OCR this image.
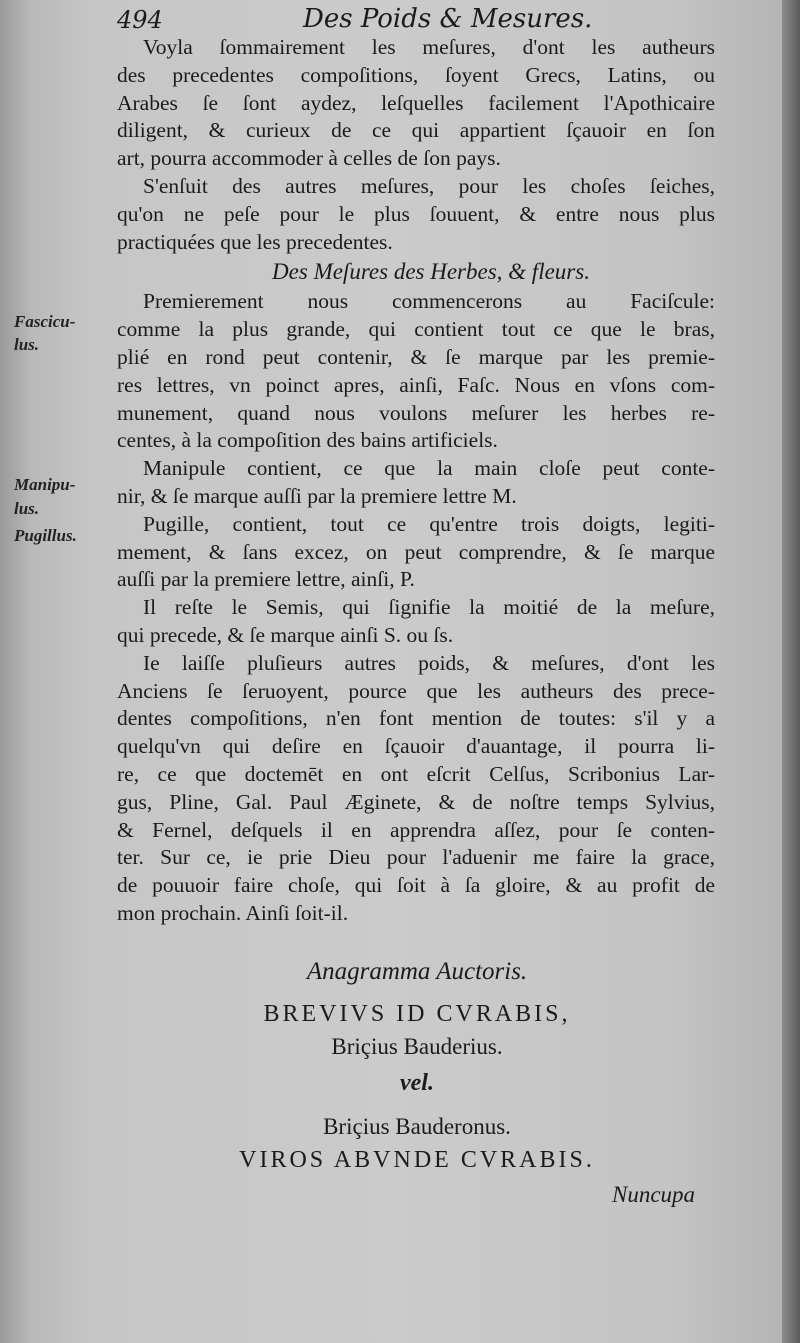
494	Des Poids & Mesures.
Fascicu-
lus.
Manipu-
lus.
Pugillus.
Voyla ſommairement les meſures, d'ont les autheurs
des precedentes compoſitions, ſoyent Grecs, Latins, ou
Arabes ſe ſont aydez, leſquelles facilement l'Apothicaire
diligent, & curieux de ce qui appartient ſçauoir en ſon
art, pourra accommoder à celles de ſon pays.
S'enſuit des autres meſures, pour les choſes ſeiches,
qu'on ne peſe pour le plus ſouuent, & entre nous plus
practiquées que les precedentes.
Des Meſures des Herbes, & fleurs.
Premierement nous commencerons au Faciſcule:
comme la plus grande, qui contient tout ce que le bras,
plié en rond peut contenir, & ſe marque par les premie-
res lettres, vn poinct apres, ainſi, Faſc. Nous en vſons com-
munement, quand nous voulons meſurer les herbes re-
centes, à la compoſition des bains artificiels.
Manipule contient, ce que la main cloſe peut conte-
nir, & ſe marque auſſi par la premiere lettre M.
Pugille, contient, tout ce qu'entre trois doigts, legiti-
mement, & ſans excez, on peut comprendre, & ſe marque
auſſi par la premiere lettre, ainſi, P.
Il reſte le Semis, qui ſignifie la moitié de la meſure,
qui precede, & ſe marque ainſi S. ou ſs.
Ie laiſſe pluſieurs autres poids, & meſures, d'ont les
Anciens ſe ſeruoyent, pource que les autheurs des prece-
dentes compoſitions, n'en font mention de toutes: s'il y a
quelqu'vn qui deſire en ſçauoir d'auantage, il pourra li-
re, ce que doctemēt en ont eſcrit Celſus, Scribonius Lar-
gus, Pline, Gal. Paul Æginete, & de noſtre temps Sylvius,
& Fernel, deſquels il en apprendra aſſez, pour ſe conten-
ter. Sur ce, ie prie Dieu pour l'aduenir me faire la grace,
de pouuoir faire choſe, qui ſoit à ſa gloire, & au profit de
mon prochain. Ainſi ſoit-il.
Anagramma Auctoris.
BREVIVS ID CVRABIS,
Briçius Bauderius.
vel.
Briçius Bauderonus.
VIROS ABVNDE CVRABIS.
Nuncupa
